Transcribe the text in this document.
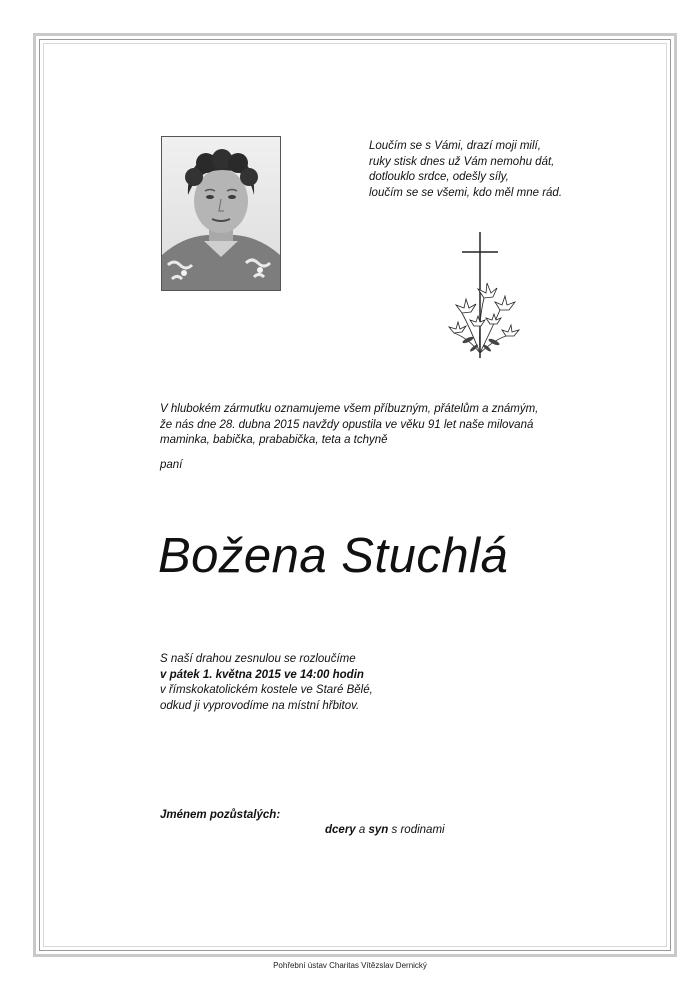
Loučím se s Vámi, drazí moji milí,
ruky stisk dnes už Vám nemohu dát,
dotlouklo srdce, odešly síly,
loučím se se všemi, kdo měl mne rád.
V hlubokém zármutku oznamujeme všem příbuzným, přátelům a známým,
že nás dne 28. dubna 2015 navždy opustila ve věku 91 let naše milovaná
maminka, babička, prababička, teta a tchyně
paní
Božena Stuchlá
S naší drahou zesnulou se rozloučíme
v pátek 1. května 2015 ve 14:00 hodin
v římskokatolickém kostele ve Staré Bělé,
odkud ji vyprovodíme na místní hřbitov.
Jménem pozůstalých:
dcery a syn s rodinami
Pohřební ústav Charitas Vítězslav Dernický
